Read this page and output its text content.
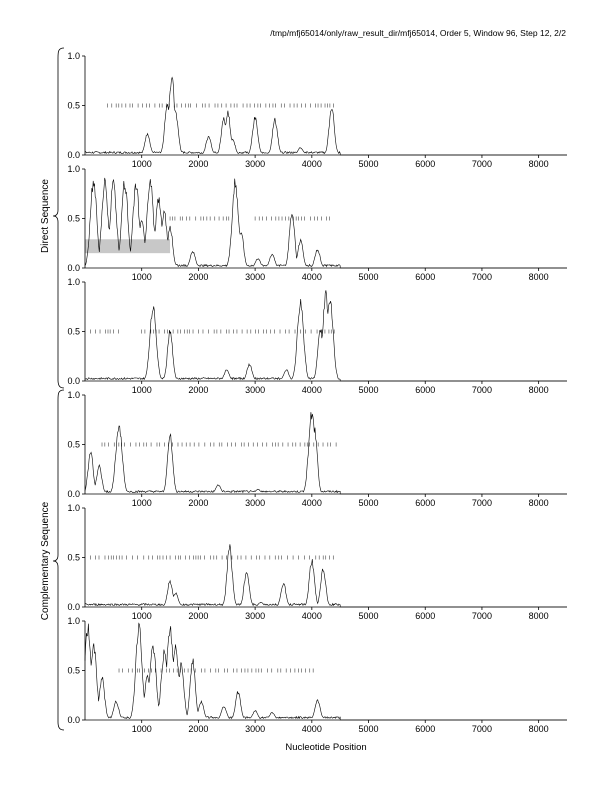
/tmp/mfj65014/only/raw_result_dir/mfj65014, Order 5, Window 96, Step 12, 2/2
0.0
0.5
1.0
1000	2000	3000	4000	5000	6000	7000	8000
0.0
0.5
1.0
1000	2000	3000	4000	5000	6000	7000	8000
0.0
0.5
1.0
1000	2000	3000	4000	5000	6000	7000	8000
0.0
0.5
1.0
1000	2000	3000	4000	5000	6000	7000	8000
0.0
0.5
1.0
1000	2000	3000	4000	5000	6000	7000	8000
0.0
0.5
1.0
1000	2000	3000	4000	5000	6000	7000	8000
Direct Sequence
Complementary Sequence
Nucleotide Position
